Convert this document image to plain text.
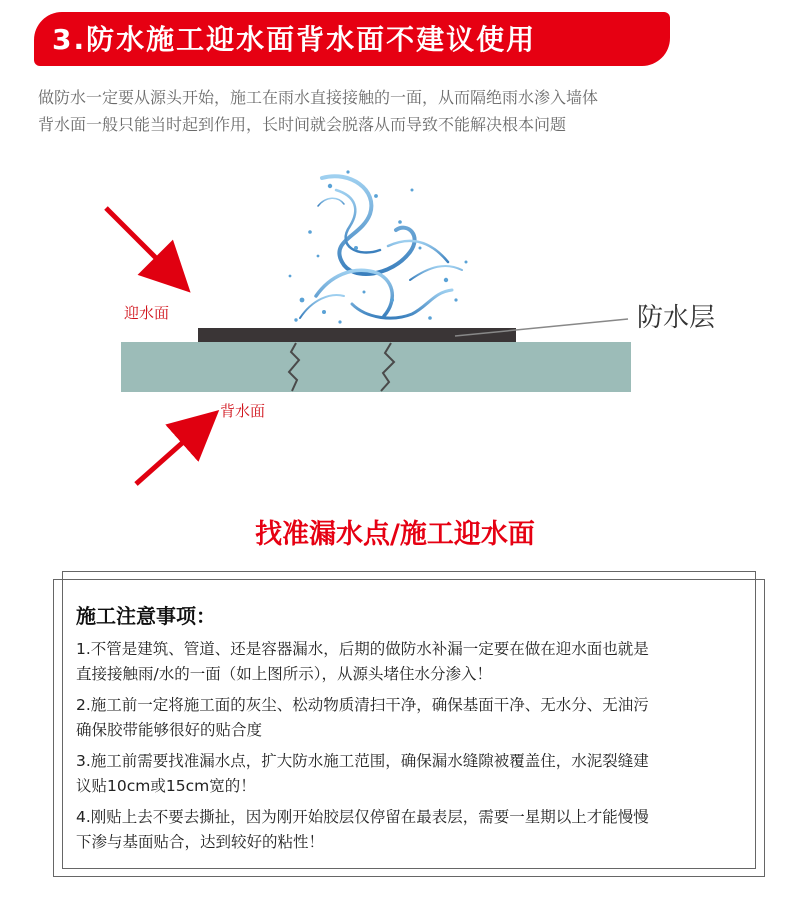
3.防水施工迎水面背水面不建议使用
做防水一定要从源头开始，施工在雨水直接接触的一面，从而隔绝雨水渗入墙体
背水面一般只能当时起到作用，长时间就会脱落从而导致不能解决根本问题
迎水面
背水面
防水层
找准漏水点/施工迎水面
施工注意事项：
1.不管是建筑、管道、还是容器漏水，后期的做防水补漏一定要在做在迎水面也就是
直接接触雨/水的一面（如上图所示），从源头堵住水分渗入！
2.施工前一定将施工面的灰尘、松动物质清扫干净，确保基面干净、无水分、无油污
确保胶带能够很好的贴合度
3.施工前需要找准漏水点，扩大防水施工范围，确保漏水缝隙被覆盖住，水泥裂缝建
议贴10cm或15cm宽的！
4.刚贴上去不要去撕扯，因为刚开始胶层仅停留在最表层，需要一星期以上才能慢慢
下渗与基面贴合，达到较好的粘性！
